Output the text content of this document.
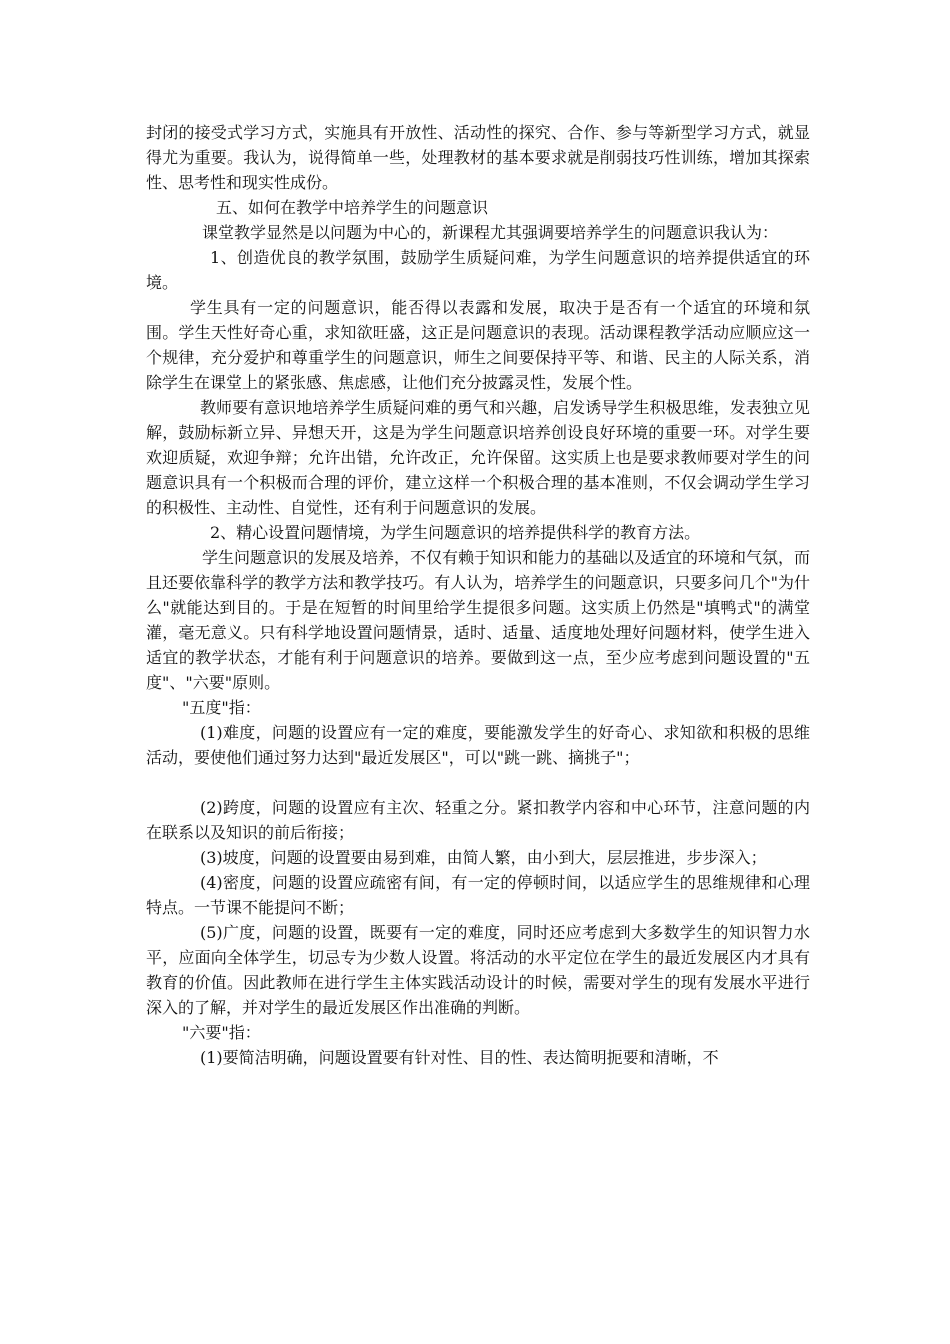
封闭的接受式学习方式，实施具有开放性、活动性的探究、合作、参与等新型学习方式，就显得尤为重要。我认为，说得简单一些，处理教材的基本要求就是削弱技巧性训练，增加其探索性、思考性和现实性成份。

五、如何在教学中培养学生的问题意识

课堂教学显然是以问题为中心的，新课程尤其强调要培养学生的问题意识我认为：

1、创造优良的教学氛围，鼓励学生质疑问难，为学生问题意识的培养提供适宜的环境。

学生具有一定的问题意识，能否得以表露和发展，取决于是否有一个适宜的环境和氛围。学生天性好奇心重，求知欲旺盛，这正是问题意识的表现。活动课程教学活动应顺应这一个规律，充分爱护和尊重学生的问题意识，师生之间要保持平等、和谐、民主的人际关系，消除学生在课堂上的紧张感、焦虑感，让他们充分披露灵性，发展个性。

教师要有意识地培养学生质疑问难的勇气和兴趣，启发诱导学生积极思维，发表独立见解，鼓励标新立异、异想天开，这是为学生问题意识培养创设良好环境的重要一环。对学生要欢迎质疑，欢迎争辩；允许出错，允许改正，允许保留。这实质上也是要求教师要对学生的问题意识具有一个积极而合理的评价，建立这样一个积极合理的基本准则，不仅会调动学生学习的积极性、主动性、自觉性，还有利于问题意识的发展。

2、精心设置问题情境，为学生问题意识的培养提供科学的教育方法。

学生问题意识的发展及培养，不仅有赖于知识和能力的基础以及适宜的环境和气氛，而且还要依靠科学的教学方法和教学技巧。有人认为，培养学生的问题意识，只要多问几个"为什么"就能达到目的。于是在短暂的时间里给学生提很多问题。这实质上仍然是"填鸭式"的满堂灌，毫无意义。只有科学地设置问题情景，适时、适量、适度地处理好问题材料，使学生进入适宜的教学状态，才能有利于问题意识的培养。要做到这一点，至少应考虑到问题设置的"五度"、"六要"原则。

"五度"指：

(1)难度，问题的设置应有一定的难度，要能激发学生的好奇心、求知欲和积极的思维活动，要使他们通过努力达到"最近发展区"，可以"跳一跳、摘挑子"；

(2)跨度，问题的设置应有主次、轻重之分。紧扣教学内容和中心环节，注意问题的内在联系以及知识的前后衔接；

(3)坡度，问题的设置要由易到难，由简人繁，由小到大，层层推进，步步深入；

(4)密度，问题的设置应疏密有间，有一定的停顿时间，以适应学生的思维规律和心理特点。一节课不能提问不断；

(5)广度，问题的设置，既要有一定的难度，同时还应考虑到大多数学生的知识智力水平，应面向全体学生，切忌专为少数人设置。将活动的水平定位在学生的最近发展区内才具有教育的价值。因此教师在进行学生主体实践活动设计的时候，需要对学生的现有发展水平进行深入的了解，并对学生的最近发展区作出准确的判断。

"六要"指：

(1)要简洁明确，问题设置要有针对性、目的性、表达简明扼要和清晰，不
